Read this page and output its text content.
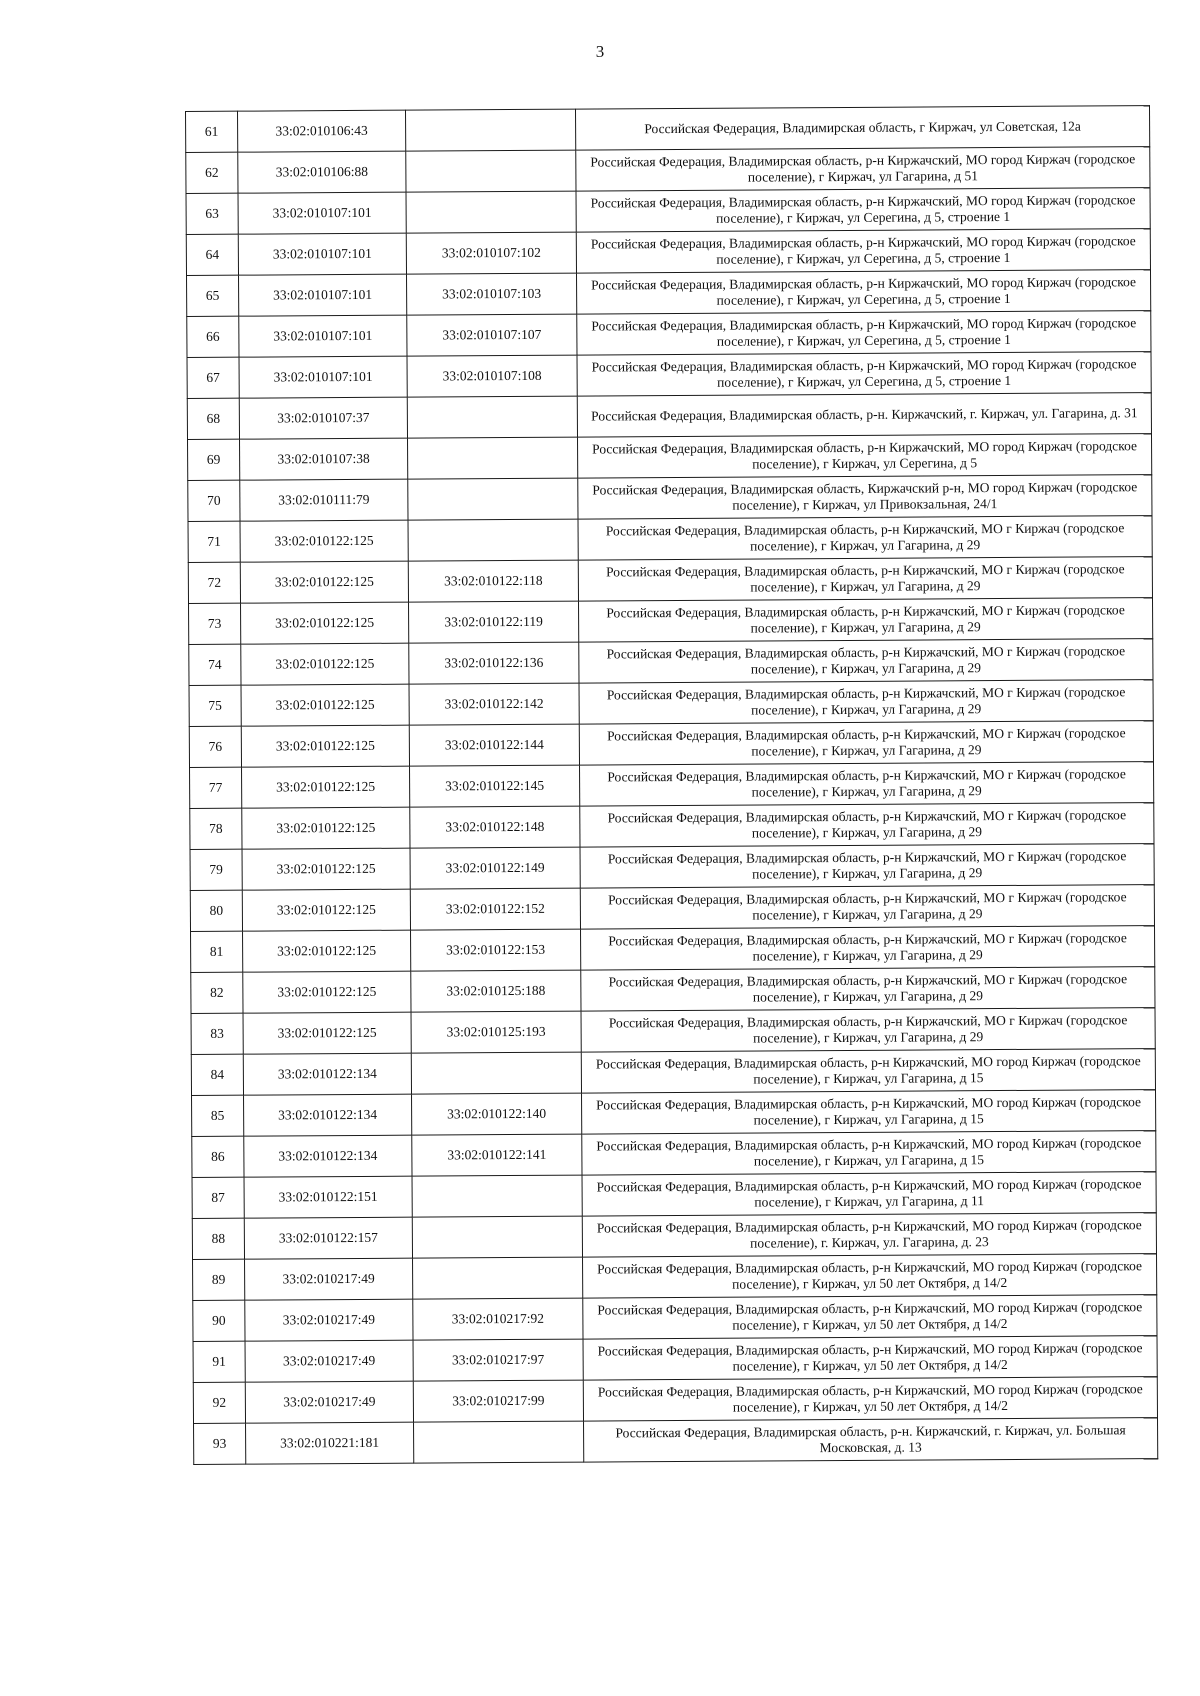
3
61	33:02:010106:43		Российская Федерация, Владимирская область, г Киржач, ул Советская, 12а
62	33:02:010106:88		Российская Федерация, Владимирская область, р-н Киржачский, МО город Киржач (городское поселение), г Киржач, ул Гагарина, д 51
63	33:02:010107:101		Российская Федерация, Владимирская область, р-н Киржачский, МО город Киржач (городское поселение), г Киржач, ул Серегина, д 5, строение 1
64	33:02:010107:101	33:02:010107:102	Российская Федерация, Владимирская область, р-н Киржачский, МО город Киржач (городское поселение), г Киржач, ул Серегина, д 5, строение 1
65	33:02:010107:101	33:02:010107:103	Российская Федерация, Владимирская область, р-н Киржачский, МО город Киржач (городское поселение), г Киржач, ул Серегина, д 5, строение 1
66	33:02:010107:101	33:02:010107:107	Российская Федерация, Владимирская область, р-н Киржачский, МО город Киржач (городское поселение), г Киржач, ул Серегина, д 5, строение 1
67	33:02:010107:101	33:02:010107:108	Российская Федерация, Владимирская область, р-н Киржачский, МО город Киржач (городское поселение), г Киржач, ул Серегина, д 5, строение 1
68	33:02:010107:37		Российская Федерация, Владимирская область, р-н. Киржачский, г. Киржач, ул. Гагарина, д. 31
69	33:02:010107:38		Российская Федерация, Владимирская область, р-н Киржачский, МО город Киржач (городское поселение), г Киржач, ул Серегина, д 5
70	33:02:010111:79		Российская Федерация, Владимирская область, Киржачский р-н, МО город Киржач (городское поселение), г Киржач, ул Привокзальная, 24/1
71	33:02:010122:125		Российская Федерация, Владимирская область, р-н Киржачский, МО г Киржач (городское поселение), г Киржач, ул Гагарина, д 29
72	33:02:010122:125	33:02:010122:118	Российская Федерация, Владимирская область, р-н Киржачский, МО г Киржач (городское поселение), г Киржач, ул Гагарина, д 29
73	33:02:010122:125	33:02:010122:119	Российская Федерация, Владимирская область, р-н Киржачский, МО г Киржач (городское поселение), г Киржач, ул Гагарина, д 29
74	33:02:010122:125	33:02:010122:136	Российская Федерация, Владимирская область, р-н Киржачский, МО г Киржач (городское поселение), г Киржач, ул Гагарина, д 29
75	33:02:010122:125	33:02:010122:142	Российская Федерация, Владимирская область, р-н Киржачский, МО г Киржач (городское поселение), г Киржач, ул Гагарина, д 29
76	33:02:010122:125	33:02:010122:144	Российская Федерация, Владимирская область, р-н Киржачский, МО г Киржач (городское поселение), г Киржач, ул Гагарина, д 29
77	33:02:010122:125	33:02:010122:145	Российская Федерация, Владимирская область, р-н Киржачский, МО г Киржач (городское поселение), г Киржач, ул Гагарина, д 29
78	33:02:010122:125	33:02:010122:148	Российская Федерация, Владимирская область, р-н Киржачский, МО г Киржач (городское поселение), г Киржач, ул Гагарина, д 29
79	33:02:010122:125	33:02:010122:149	Российская Федерация, Владимирская область, р-н Киржачский, МО г Киржач (городское поселение), г Киржач, ул Гагарина, д 29
80	33:02:010122:125	33:02:010122:152	Российская Федерация, Владимирская область, р-н Киржачский, МО г Киржач (городское поселение), г Киржач, ул Гагарина, д 29
81	33:02:010122:125	33:02:010122:153	Российская Федерация, Владимирская область, р-н Киржачский, МО г Киржач (городское поселение), г Киржач, ул Гагарина, д 29
82	33:02:010122:125	33:02:010125:188	Российская Федерация, Владимирская область, р-н Киржачский, МО г Киржач (городское поселение), г Киржач, ул Гагарина, д 29
83	33:02:010122:125	33:02:010125:193	Российская Федерация, Владимирская область, р-н Киржачский, МО г Киржач (городское поселение), г Киржач, ул Гагарина, д 29
84	33:02:010122:134		Российская Федерация, Владимирская область, р-н Киржачский, МО город Киржач (городское поселение), г Киржач, ул Гагарина, д 15
85	33:02:010122:134	33:02:010122:140	Российская Федерация, Владимирская область, р-н Киржачский, МО город Киржач (городское поселение), г Киржач, ул Гагарина, д 15
86	33:02:010122:134	33:02:010122:141	Российская Федерация, Владимирская область, р-н Киржачский, МО город Киржач (городское поселение), г Киржач, ул Гагарина, д 15
87	33:02:010122:151		Российская Федерация, Владимирская область, р-н Киржачский, МО город Киржач (городское поселение), г Киржач, ул Гагарина, д 11
88	33:02:010122:157		Российская Федерация, Владимирская область, р-н Киржачский, МО город Киржач (городское поселение), г. Киржач, ул. Гагарина, д. 23
89	33:02:010217:49		Российская Федерация, Владимирская область, р-н Киржачский, МО город Киржач (городское поселение), г Киржач, ул 50 лет Октября, д 14/2
90	33:02:010217:49	33:02:010217:92	Российская Федерация, Владимирская область, р-н Киржачский, МО город Киржач (городское поселение), г Киржач, ул 50 лет Октября, д 14/2
91	33:02:010217:49	33:02:010217:97	Российская Федерация, Владимирская область, р-н Киржачский, МО город Киржач (городское поселение), г Киржач, ул 50 лет Октября, д 14/2
92	33:02:010217:49	33:02:010217:99	Российская Федерация, Владимирская область, р-н Киржачский, МО город Киржач (городское поселение), г Киржач, ул 50 лет Октября, д 14/2
93	33:02:010221:181		Российская Федерация, Владимирская область, р-н. Киржачский, г. Киржач, ул. Большая Московская, д. 13
